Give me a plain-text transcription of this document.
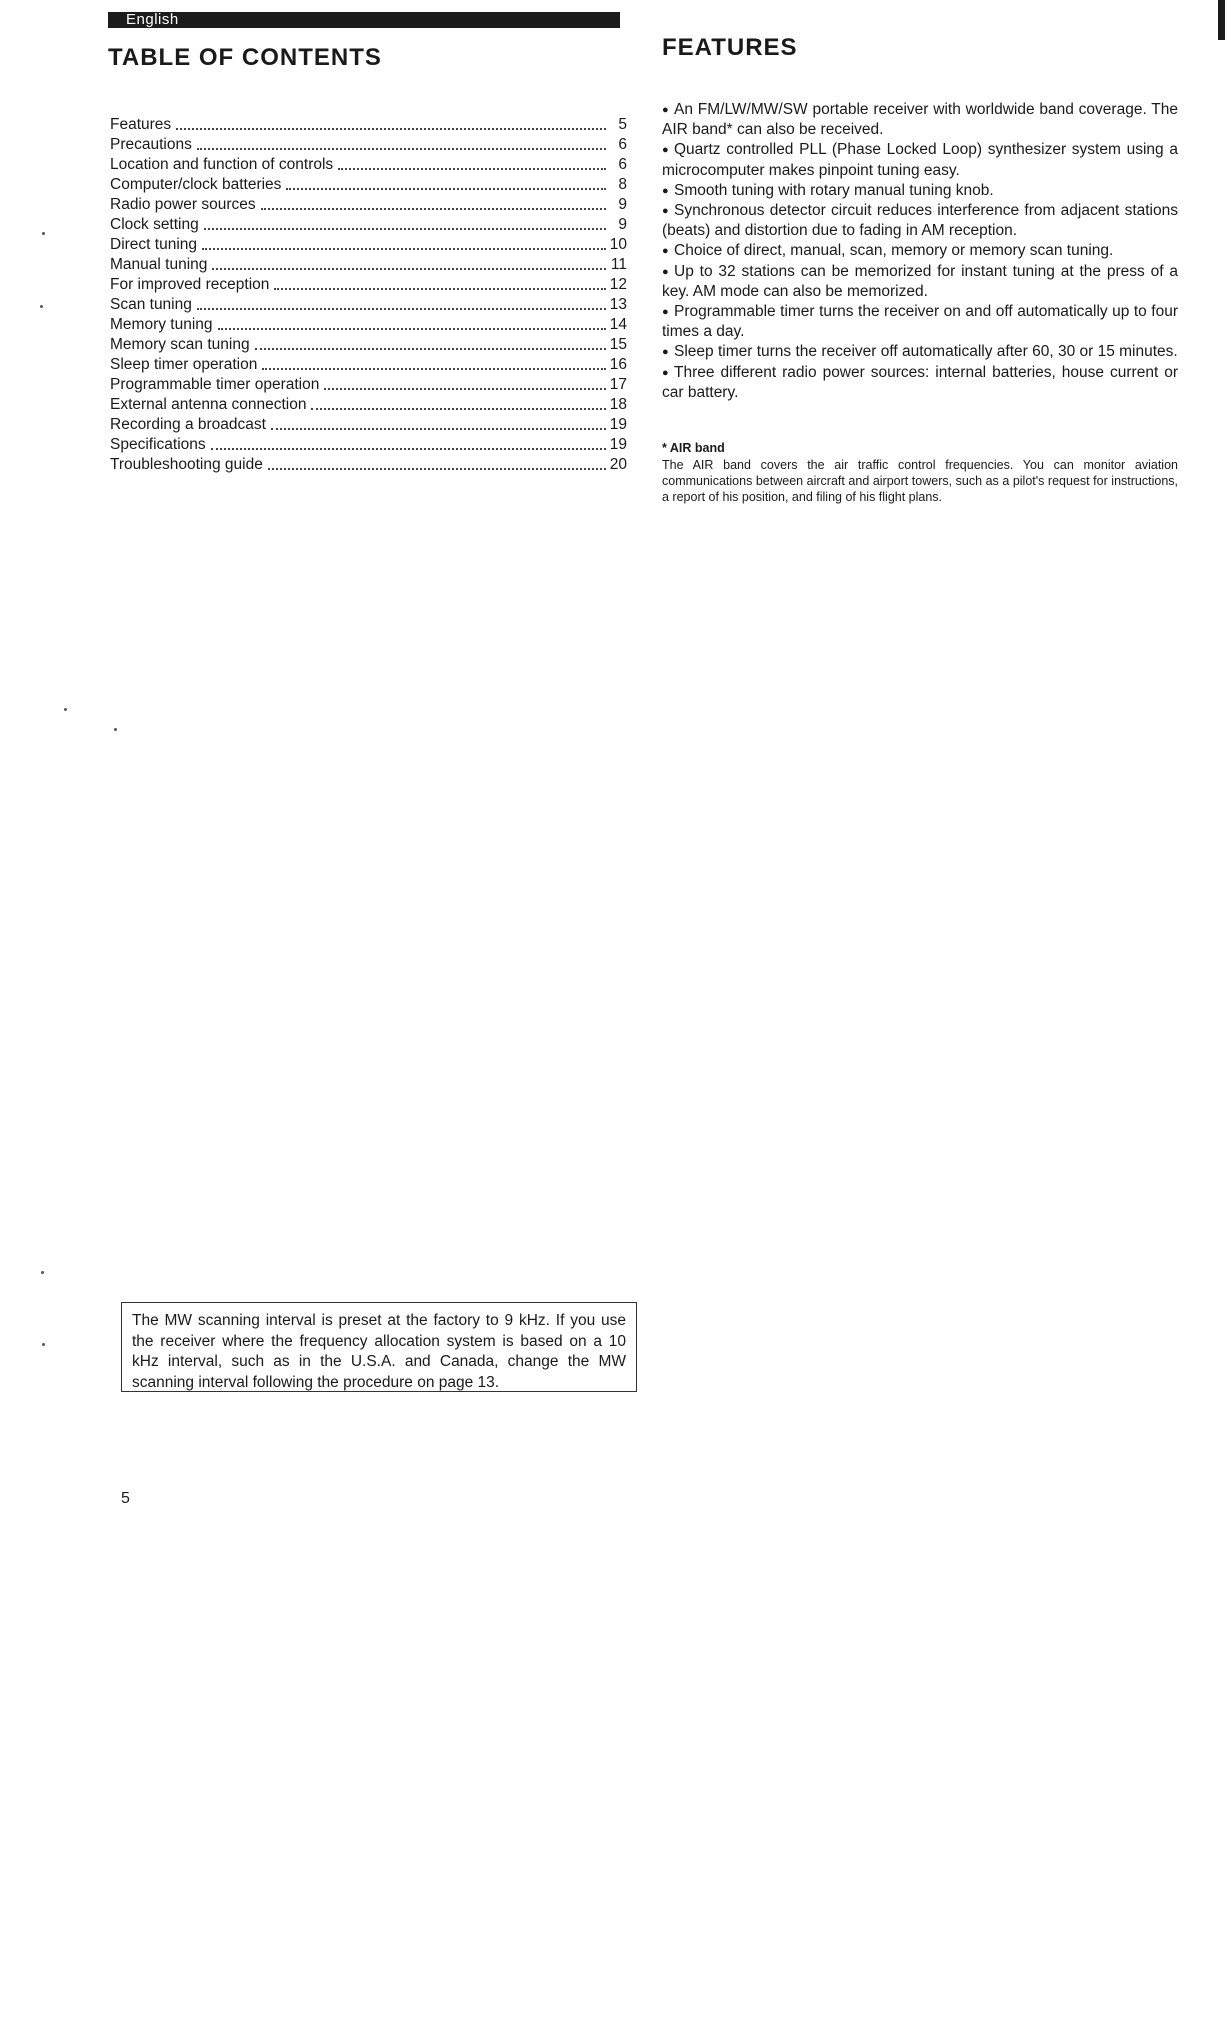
English
TABLE OF CONTENTS
Features	5
Precautions	6
Location and function of controls	6
Computer/clock batteries	8
Radio power sources	9
Clock setting	9
Direct tuning	10
Manual tuning	11
For improved reception	12
Scan tuning	13
Memory tuning	14
Memory scan tuning	15
Sleep timer operation	16
Programmable timer operation	17
External antenna connection	18
Recording a broadcast	19
Specifications	19
Troubleshooting guide	20
FEATURES
● An FM/LW/MW/SW portable receiver with worldwide band coverage. The AIR band* can also be received.
● Quartz controlled PLL (Phase Locked Loop) synthesizer system using a microcomputer makes pinpoint tuning easy.
● Smooth tuning with rotary manual tuning knob.
● Synchronous detector circuit reduces interference from adjacent stations (beats) and distortion due to fading in AM reception.
● Choice of direct, manual, scan, memory or memory scan tuning.
● Up to 32 stations can be memorized for instant tuning at the press of a key. AM mode can also be memorized.
● Programmable timer turns the receiver on and off automatically up to four times a day.
● Sleep timer turns the receiver off automatically after 60, 30 or 15 minutes.
● Three different radio power sources: internal batteries, house current or car battery.

* AIR band

The AIR band covers the air traffic control frequencies. You can monitor aviation communications between aircraft and airport towers, such as a pilot's request for instructions, a report of his position, and filing of his flight plans.

The MW scanning interval is preset at the factory to 9 kHz. If you use the receiver where the frequency allocation system is based on a 10 kHz interval, such as in the U.S.A. and Canada, change the MW scanning interval following the procedure on page 13.
5
